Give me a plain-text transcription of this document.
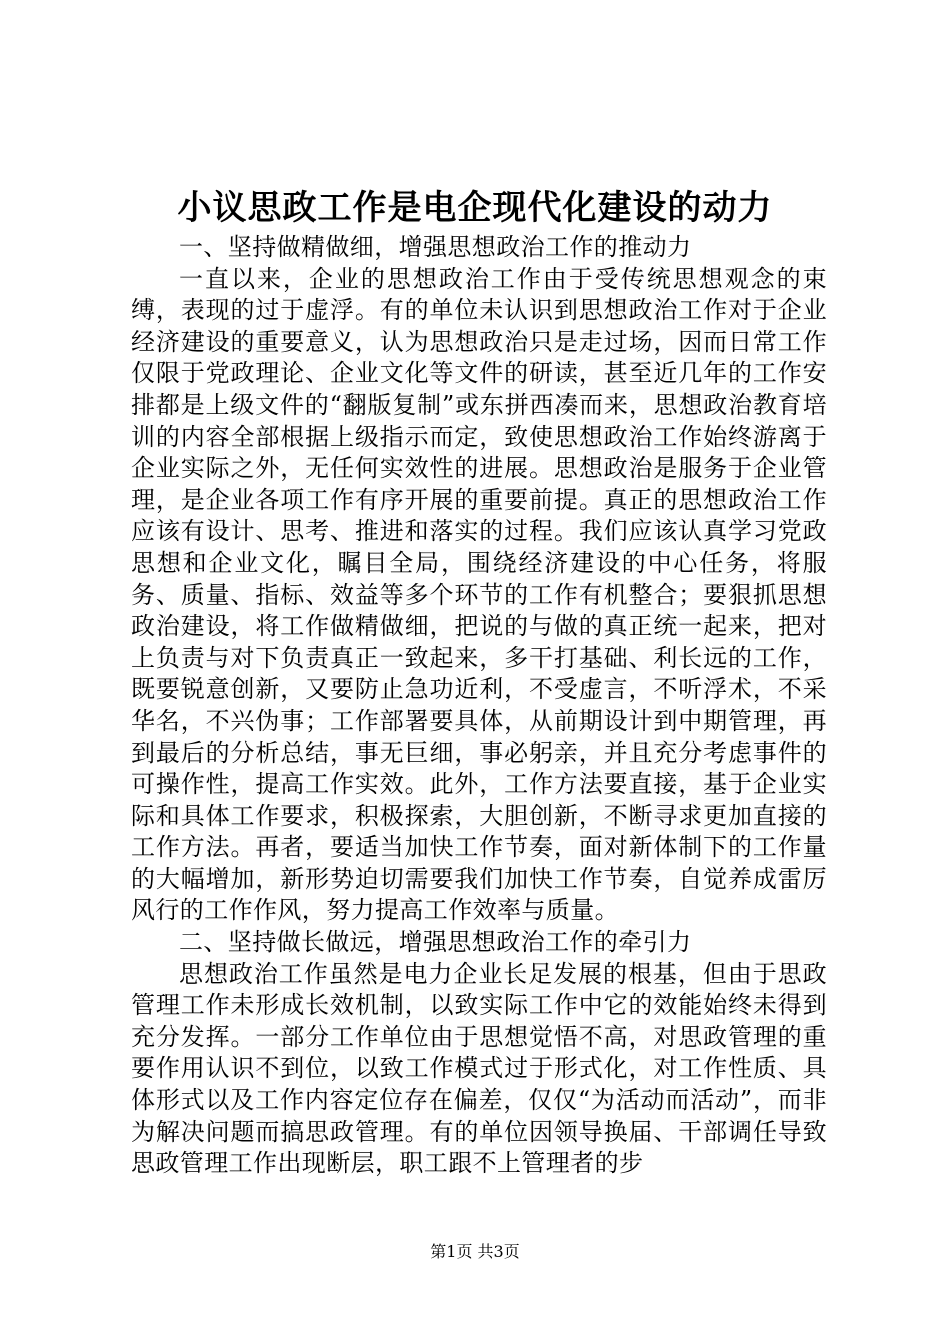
小议思政工作是电企现代化建设的动力

一、坚持做精做细，增强思想政治工作的推动力

一直以来，企业的思想政治工作由于受传统思想观念的束缚，表现的过于虚浮。有的单位未认识到思想政治工作对于企业经济建设的重要意义，认为思想政治只是走过场，因而日常工作仅限于党政理论、企业文化等文件的研读，甚至近几年的工作安排都是上级文件的“翻版复制”或东拼西凑而来，思想政治教育培训的内容全部根据上级指示而定，致使思想政治工作始终游离于企业实际之外，无任何实效性的进展。思想政治是服务于企业管理，是企业各项工作有序开展的重要前提。真正的思想政治工作应该有设计、思考、推进和落实的过程。我们应该认真学习党政思想和企业文化，瞩目全局，围绕经济建设的中心任务，将服务、质量、指标、效益等多个环节的工作有机整合；要狠抓思想政治建设，将工作做精做细，把说的与做的真正统一起来，把对上负责与对下负责真正一致起来，多干打基础、利长远的工作，既要锐意创新，又要防止急功近利，不受虚言，不听浮术，不采华名，不兴伪事；工作部署要具体，从前期设计到中期管理，再到最后的分析总结，事无巨细，事必躬亲，并且充分考虑事件的可操作性，提高工作实效。此外，工作方法要直接，基于企业实际和具体工作要求，积极探索，大胆创新，不断寻求更加直接的工作方法。再者，要适当加快工作节奏，面对新体制下的工作量的大幅增加，新形势迫切需要我们加快工作节奏，自觉养成雷厉风行的工作作风，努力提高工作效率与质量。

二、坚持做长做远，增强思想政治工作的牵引力

思想政治工作虽然是电力企业长足发展的根基，但由于思政管理工作未形成长效机制，以致实际工作中它的效能始终未得到充分发挥。一部分工作单位由于思想觉悟不高，对思政管理的重要作用认识不到位，以致工作模式过于形式化，对工作性质、具体形式以及工作内容定位存在偏差，仅仅“为活动而活动”，而非为解决问题而搞思政管理。有的单位因领导换届、干部调任导致思政管理工作出现断层，职工跟不上管理者的步

第1页 共3页
